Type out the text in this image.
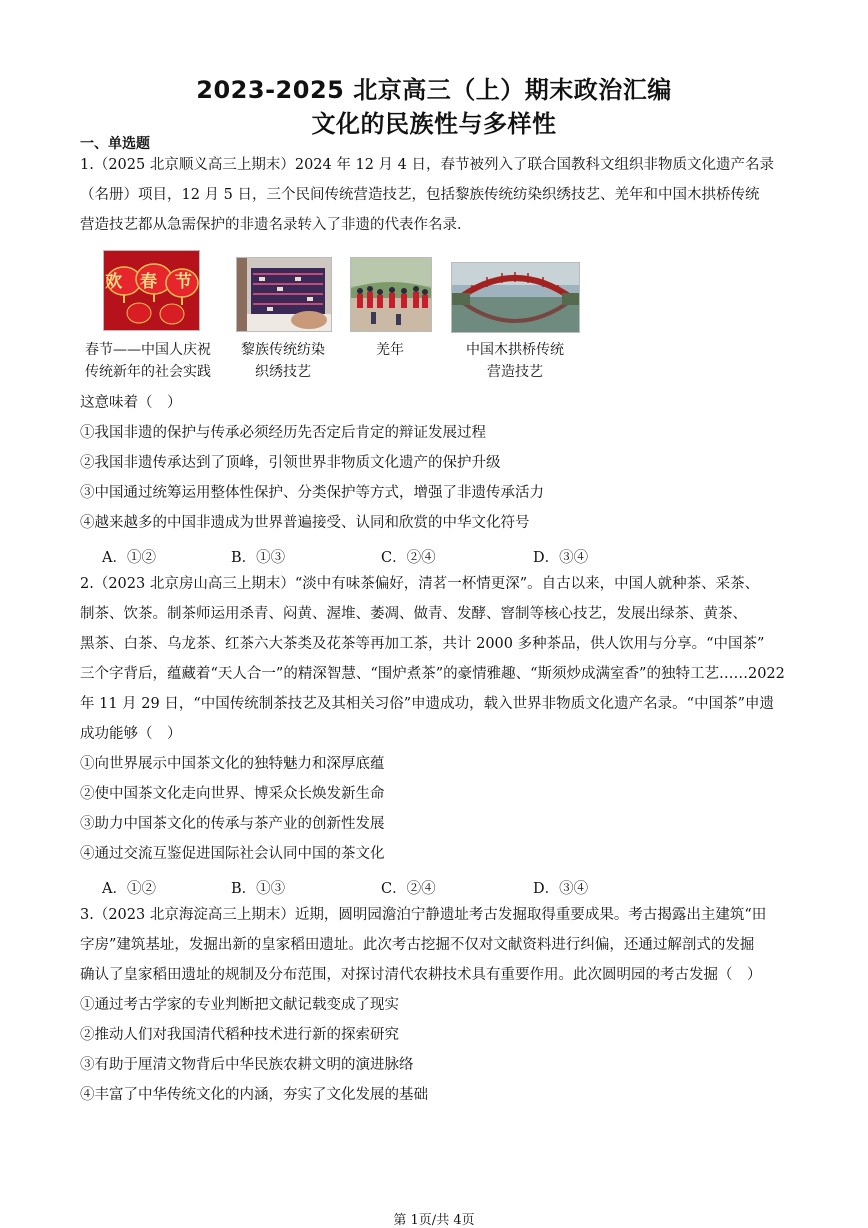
2023-2025 北京高三（上）期末政治汇编
文化的民族性与多样性
一、单选题
1.（2025 北京顺义高三上期末）2024 年 12 月 4 日，春节被列入了联合国教科文组织非物质文化遗产名录
（名册）项目，12 月 5 日，三个民间传统营造技艺，包括黎族传统纺染织绣技艺、羌年和中国木拱桥传统
营造技艺都从急需保护的非遗名录转入了非遗的代表作名录．
欢 春 节
春节——中国人庆祝
传统新年的社会实践
黎族传统纺染
织绣技艺
羌年	中国木拱桥传统
营造技艺
这意味着（　）
①我国非遗的保护与传承必须经历先否定后肯定的辩证发展过程
②我国非遗传承达到了顶峰，引领世界非物质文化遗产的保护升级
③中国通过统筹运用整体性保护、分类保护等方式，增强了非遗传承活力
④越来越多的中国非遗成为世界普遍接受、认同和欣赏的中华文化符号
A．①②	B．①③	C．②④	D．③④
2.（2023 北京房山高三上期末）“淡中有味茶偏好，清茗一杯情更深”。自古以来，中国人就种茶、采茶、
制茶、饮茶。制茶师运用杀青、闷黄、渥堆、萎凋、做青、发酵、窨制等核心技艺，发展出绿茶、黄茶、
黑茶、白茶、乌龙茶、红茶六大茶类及花茶等再加工茶，共计 2000 多种茶品，供人饮用与分享。“中国茶”
三个字背后，蕴藏着“天人合一”的精深智慧、“围炉煮茶”的豪情雅趣、“斯须炒成满室香”的独特工艺……2022
年 11 月 29 日，“中国传统制茶技艺及其相关习俗”申遗成功，载入世界非物质文化遗产名录。“中国茶”申遗
成功能够（　）
①向世界展示中国茶文化的独特魅力和深厚底蕴
②使中国茶文化走向世界、博采众长焕发新生命
③助力中国茶文化的传承与茶产业的创新性发展
④通过交流互鉴促进国际社会认同中国的茶文化
A．①②	B．①③	C．②④	D．③④
3.（2023 北京海淀高三上期末）近期，圆明园澹泊宁静遗址考古发掘取得重要成果。考古揭露出主建筑“田
字房”建筑基址，发掘出新的皇家稻田遗址。此次考古挖掘不仅对文献资料进行纠偏，还通过解剖式的发掘
确认了皇家稻田遗址的规制及分布范围，对探讨清代农耕技术具有重要作用。此次圆明园的考古发掘（　）
①通过考古学家的专业判断把文献记载变成了现实
②推动人们对我国清代稻种技术进行新的探索研究
③有助于厘清文物背后中华民族农耕文明的演进脉络
④丰富了中华传统文化的内涵，夯实了文化发展的基础
第 1页/共 4页
